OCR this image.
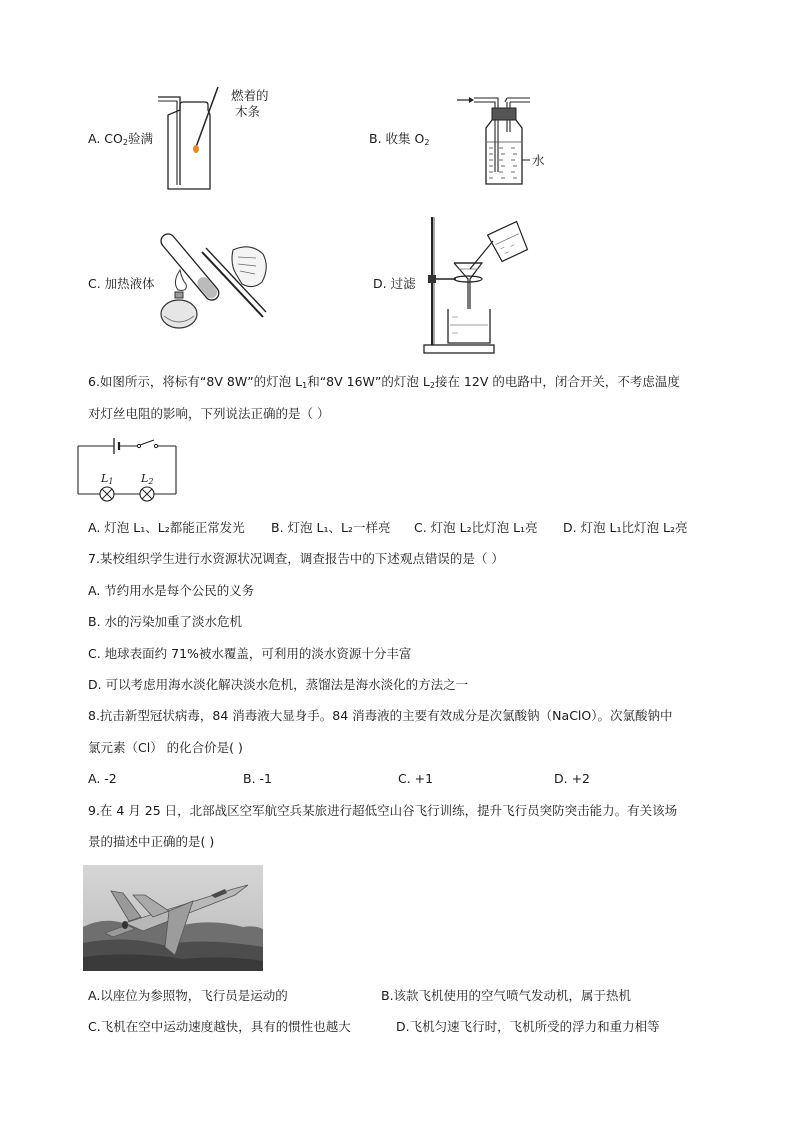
A. $CO_2$验满
燃着的
木条
B. 收集 $O_2$
水
C. 加热液体	D. 过滤
6.如图所示，将标有“8V 8W”的灯泡 $L_1$和“8V 16W”的灯泡 $L_2$接在 12V 的电路中，闭合开关，不考虑温度
对灯丝电阻的影响，下列说法正确的是（ ）
$L_1$	$L_2$
A. 灯泡 L₁、L₂都能正常发光 B. 灯泡 L₁、L₂一样亮 C. 灯泡 L₂比灯泡 L₁亮 D. 灯泡 L₁比灯泡 L₂亮
7.某校组织学生进行水资源状况调查，调查报告中的下述观点错误的是（ ）
A. 节约用水是每个公民的义务
B. 水的污染加重了淡水危机
C. 地球表面约 71%被水覆盖，可利用的淡水资源十分丰富
D. 可以考虑用海水淡化解决淡水危机，蒸馏法是海水淡化的方法之一
8.抗击新型冠状病毒，84 消毒液大显身手。84 消毒液的主要有效成分是次氯酸钠（NaClO）。次氯酸钠中
氯元素（Cl） 的化合价是( )
A. -2	B. -1	C. +1	D. +2
9.在 4 月 25 日，北部战区空军航空兵某旅进行超低空山谷飞行训练，提升飞行员突防突击能力。有关该场
景的描述中正确的是( )
A.以座位为参照物，飞行员是运动的	B.该款飞机使用的空气喷气发动机，属于热机
C.飞机在空中运动速度越快，具有的惯性也越大	D.飞机匀速飞行时，飞机所受的浮力和重力相等
